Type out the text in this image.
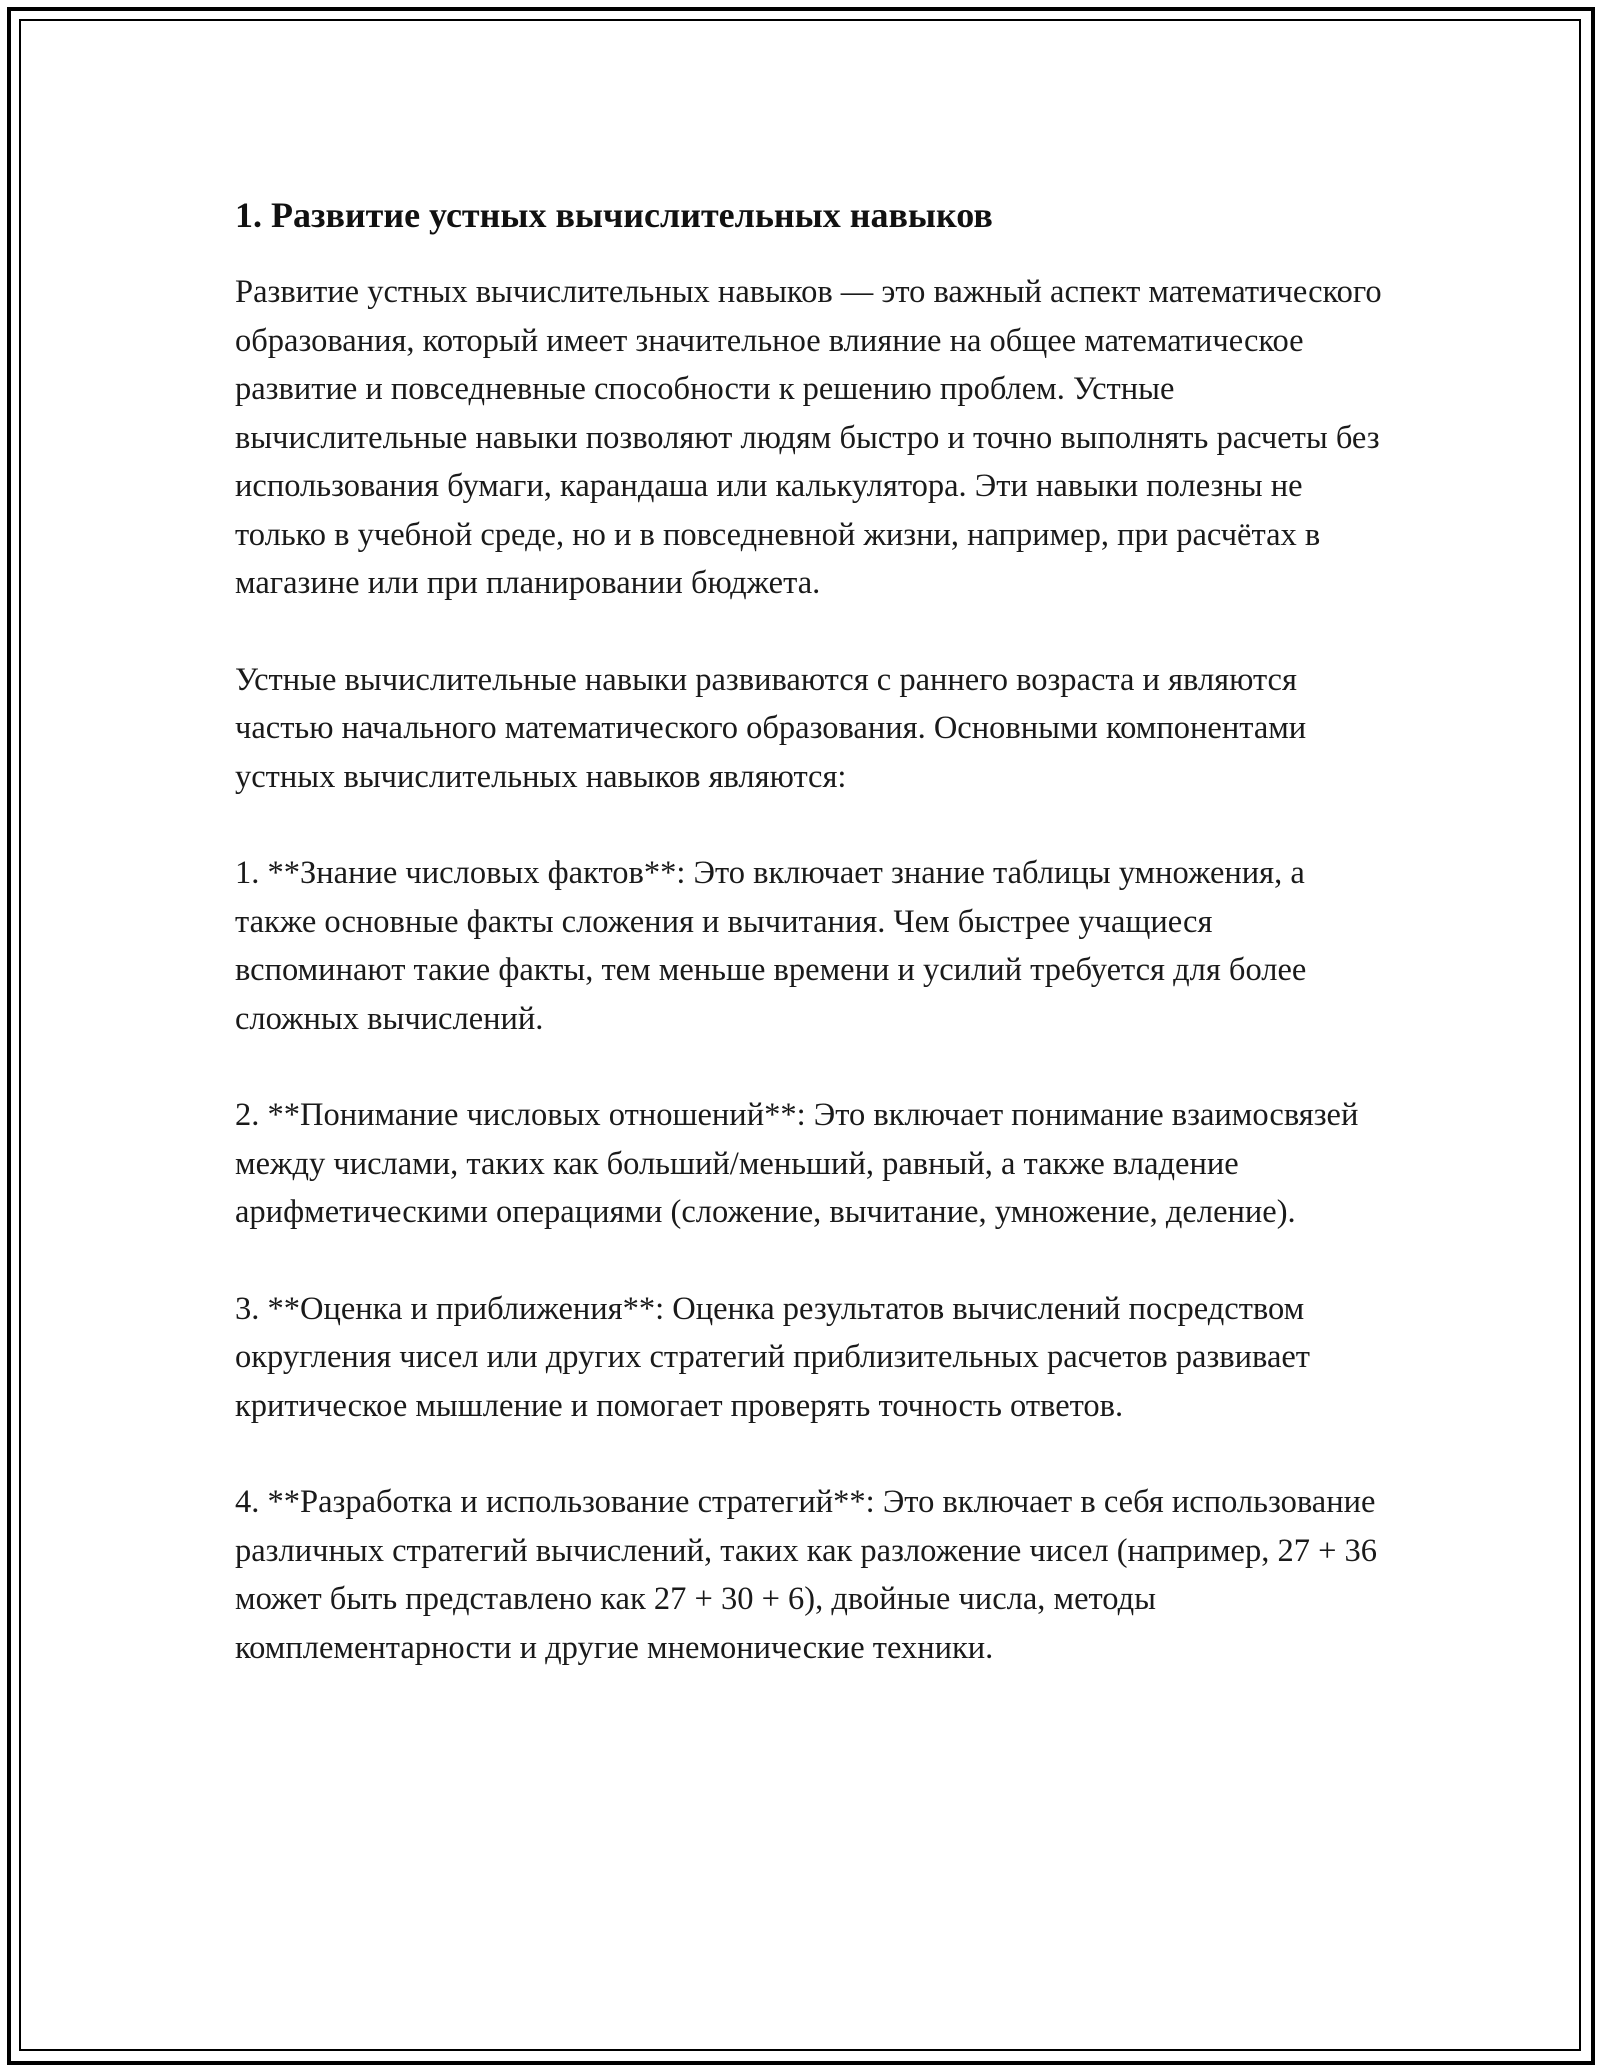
1. Развитие устных вычислительных навыков

Развитие устных вычислительных навыков — это важный аспект математического образования, который имеет значительное влияние на общее математическое развитие и повседневные способности к решению проблем. Устные вычислительные навыки позволяют людям быстро и точно выполнять расчеты без использования бумаги, карандаша или калькулятора. Эти навыки полезны не только в учебной среде, но и в повседневной жизни, например, при расчётах в магазине или при планировании бюджета.

Устные вычислительные навыки развиваются с раннего возраста и являются частью начального математического образования. Основными компонентами устных вычислительных навыков являются:

1. **Знание числовых фактов**: Это включает знание таблицы умножения, а также основные факты сложения и вычитания. Чем быстрее учащиеся вспоминают такие факты, тем меньше времени и усилий требуется для более сложных вычислений.

2. **Понимание числовых отношений**: Это включает понимание взаимосвязей между числами, таких как больший/меньший, равный, а также владение арифметическими операциями (сложение, вычитание, умножение, деление).

3. **Оценка и приближения**: Оценка результатов вычислений посредством округления чисел или других стратегий приблизительных расчетов развивает критическое мышление и помогает проверять точность ответов.

4. **Разработка и использование стратегий**: Это включает в себя использование различных стратегий вычислений, таких как разложение чисел (например, 27 + 36 может быть представлено как 27 + 30 + 6), двойные числа, методы комплементарности и другие мнемонические техники.
